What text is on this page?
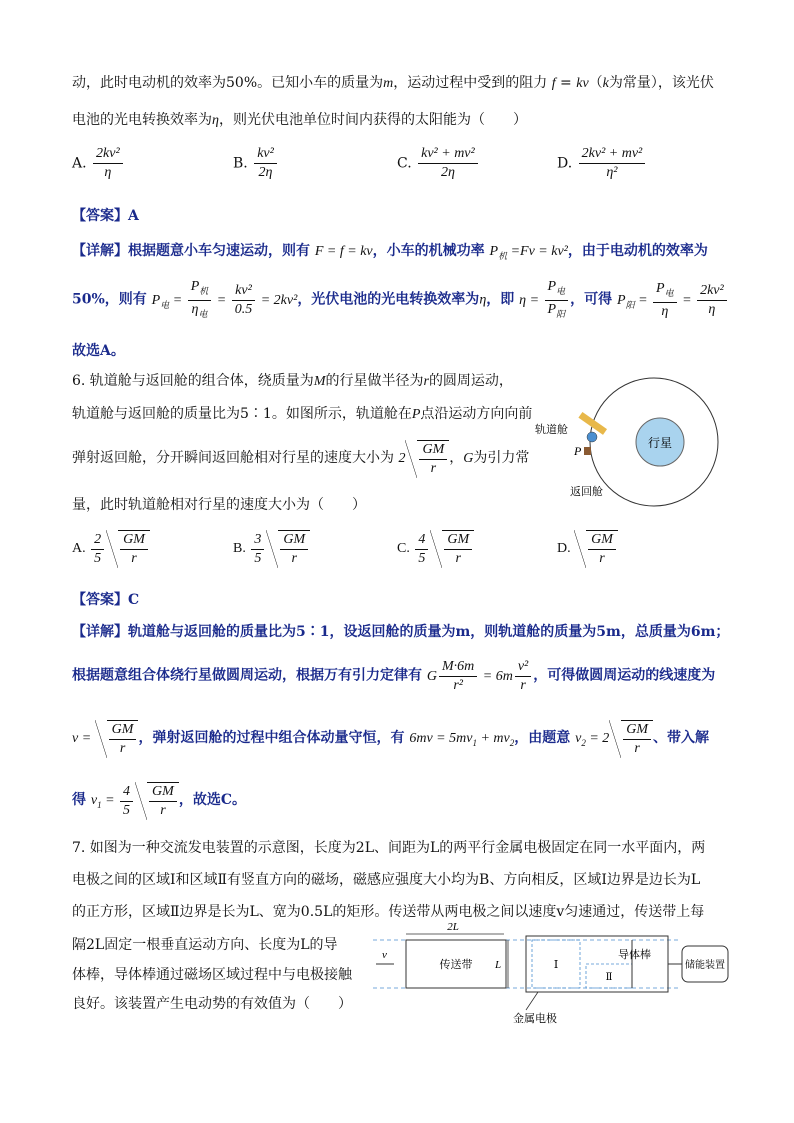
动，此时电动机的效率为50%。已知小车的质量为m，运动过程中受到的阻力 f = kv（k为常量），该光伏
电池的光电转换效率为η，则光伏电池单位时间内获得的太阳能为（　　）
A. $\frac{\text{2kv²}}{\eta}$	B. $\frac{\text{kv²}}{2\eta}$	C. $\frac{\text{kv² + mv²}}{2\eta}$	D. $\frac{\text{2kv² + mv²}}{\text{η²}}$
【答案】A
【详解】根据题意小车匀速运动，则有 F = f = kv，小车的机械功率 $P_机 =Fv = kv^2$，由于电动机的效率为
50%，则有 $P_电 = \frac{P_机}{\eta_电} = \frac{\text{kv²}}{0.5} = 2kv^2$，光伏电池的光电转换效率为η，即 $\eta = \frac{P_电}{P_阳}$ ，可得 $P_阳 = \frac{P_电}{\eta} = \frac{\text{2kv²}}{\eta}$
故选A。
6. 轨道舱与返回舱的组合体，绕质量为M的行星做半径为r的圆周运动，
轨道舱与返回舱的质量比为5∶1。如图所示，轨道舱在P点沿运动方向向前
弹射返回舱，分开瞬间返回舱相对行星的速度大小为 $2 \frac{GM}{r}$ ，G为引力常
量，此时轨道舱相对行星的速度大小为（　　）
行星
轨道舱
P
返回舱
A. $\frac{2}{5} \frac{GM}{r}$	B. $\frac{3}{5} \frac{GM}{r}$	C. $\frac{4}{5} \frac{GM}{r}$	D. $\frac{GM}{r}$
【答案】C
【详解】轨道舱与返回舱的质量比为5∶1，设返回舱的质量为m，则轨道舱的质量为5m，总质量为6m；
根据题意组合体绕行星做圆周运动，根据万有引力定律有 G $\frac{M\cdot 6m}{\text{r²}} = 6m \frac{\text{v²}}{r}$ ，可得做圆周运动的线速度为
$v = \frac{GM}{r}$ ，弹射返回舱的过程中组合体动量守恒，有 $6mv = 5mv_1 + mv_2$，由题意 $v_2 = 2 \frac{GM}{r}$ 、带入解
得 $v_1 = \frac{4}{5} \frac{GM}{r}$ ，故选C。
7. 如图为一种交流发电装置的示意图，长度为2L、间距为L的两平行金属电极固定在同一水平面内，两
电极之间的区域Ⅰ和区域Ⅱ有竖直方向的磁场，磁感应强度大小均为B、方向相反，区域Ⅰ边界是边长为L
的正方形，区域Ⅱ边界是长为L、宽为0.5L的矩形。传送带从两电极之间以速度v匀速通过，传送带上每
隔2L固定一根垂直运动方向、长度为L的导
体棒，导体棒通过磁场区域过程中与电极接触
良好。该装置产生电动势的有效值为（　　）
2L
传送带 L
v
Ⅰ
Ⅱ
导体棒
储能装置
金属电极
